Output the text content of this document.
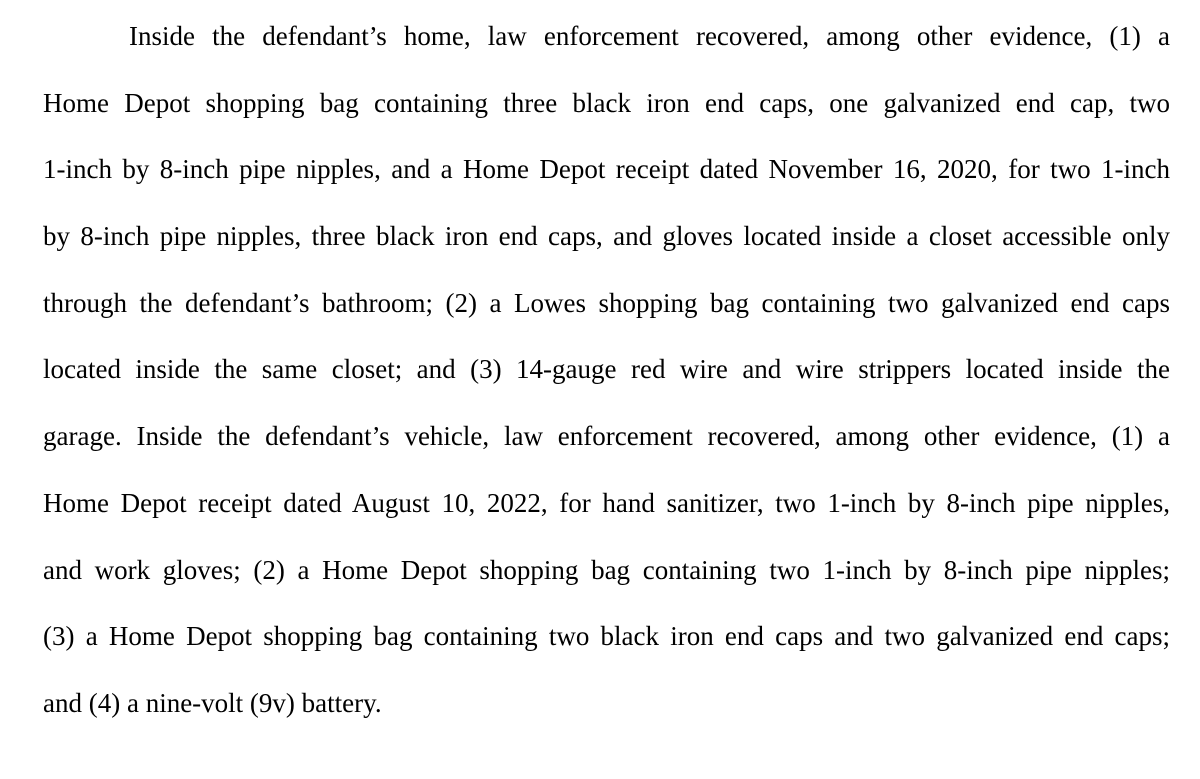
Inside the defendant’s home, law enforcement recovered, among other evidence, (1) a
Home Depot shopping bag containing three black iron end caps, one galvanized end cap, two
1-inch by 8-inch pipe nipples, and a Home Depot receipt dated November 16, 2020, for two 1-inch
by 8-inch pipe nipples, three black iron end caps, and gloves located inside a closet accessible only
through the defendant’s bathroom; (2) a Lowes shopping bag containing two galvanized end caps
located inside the same closet; and (3) 14-gauge red wire and wire strippers located inside the
garage. Inside the defendant’s vehicle, law enforcement recovered, among other evidence, (1) a
Home Depot receipt dated August 10, 2022, for hand sanitizer, two 1-inch by 8-inch pipe nipples,
and work gloves; (2) a Home Depot shopping bag containing two 1-inch by 8-inch pipe nipples;
(3) a Home Depot shopping bag containing two black iron end caps and two galvanized end caps;
and (4) a nine-volt (9v) battery.
